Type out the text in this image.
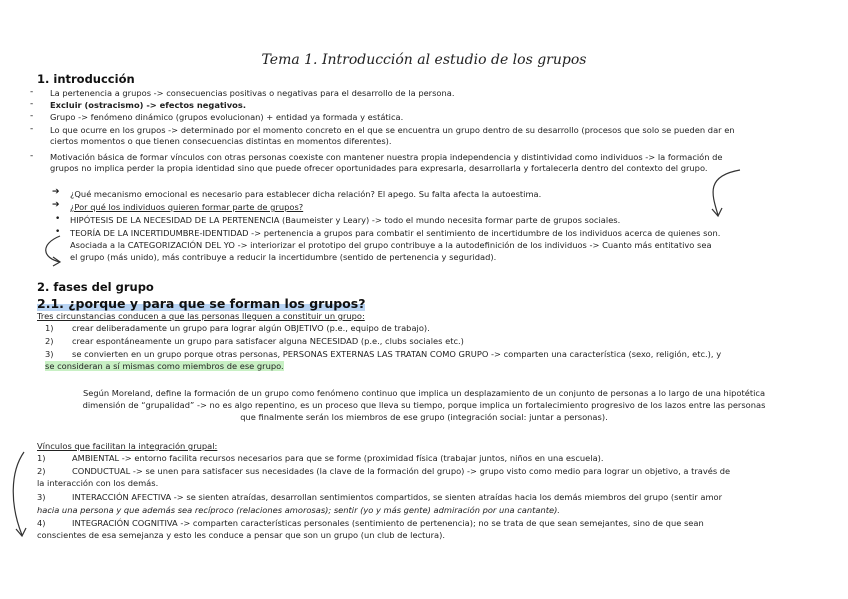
Tema 1. Introducción al estudio de los grupos
1. introducción
- La pertenencia a grupos -> consecuencias positivas o negativas para el desarrollo de la persona.
- Excluir (ostracismo) -> efectos negativos.
- Grupo -> fenómeno dinámico (grupos evolucionan) + entidad ya formada y estática.
- Lo que ocurre en los grupos -> determinado por el momento concreto en el que se encuentra un grupo dentro de su desarrollo (procesos que solo se pueden dar en
ciertos momentos o que tienen consecuencias distintas en momentos diferentes).
- Motivación básica de formar vínculos con otras personas coexiste con mantener nuestra propia independencia y distintividad como individuos -> la formación de
grupos no implica perder la propia identidad sino que puede ofrecer oportunidades para expresarla, desarrollarla y fortalecerla dentro del contexto del grupo.
➔ ¿Qué mecanismo emocional es necesario para establecer dicha relación? El apego. Su falta afecta la autoestima.
➔ ¿Por qué los individuos quieren formar parte de grupos?
• HIPÓTESIS DE LA NECESIDAD DE LA PERTENENCIA (Baumeister y Leary) -> todo el mundo necesita formar parte de grupos sociales.
• TEORÍA DE LA INCERTIDUMBRE-IDENTIDAD -> pertenencia a grupos para combatir el sentimiento de incertidumbre de los individuos acerca de quienes son.
Asociada a la CATEGORIZACIÓN DEL YO -> interiorizar el prototipo del grupo contribuye a la autodefinición de los individuos -> Cuanto más entitativo sea
el grupo (más unido), más contribuye a reducir la incertidumbre (sentido de pertenencia y seguridad).
2. fases del grupo
2.1. ¿porque y para que se forman los grupos?
Tres circunstancias conducen a que las personas lleguen a constituir un grupo:
1) crear deliberadamente un grupo para lograr algún OBJETIVO (p.e., equipo de trabajo).
2) crear espontáneamente un grupo para satisfacer alguna NECESIDAD (p.e., clubs sociales etc.)
3) se convierten en un grupo porque otras personas, PERSONAS EXTERNAS LAS TRATAN COMO GRUPO -> comparten una característica (sexo, religión, etc.), y
se consideran a sí mismas como miembros de ese grupo.
Según Moreland, define la formación de un grupo como fenómeno continuo que implica un desplazamiento de un conjunto de personas a lo largo de una hipotética
dimensión de “grupalidad” -> no es algo repentino, es un proceso que lleva su tiempo, porque implica un fortalecimiento progresivo de los lazos entre las personas
que finalmente serán los miembros de ese grupo (integración social: juntar a personas).
Vínculos que facilitan la integración grupal:
1)	AMBIENTAL -> entorno facilita recursos necesarios para que se forme (proximidad física (trabajar juntos, niños en una escuela).
2)	CONDUCTUAL -> se unen para satisfacer sus necesidades (la clave de la formación del grupo) -> grupo visto como medio para lograr un objetivo, a través de
la interacción con los demás.
3)	INTERACCIÓN AFECTIVA -> se sienten atraídas, desarrollan sentimientos compartidos, se sienten atraídas hacia los demás miembros del grupo (sentir amor
hacia una persona y que además sea recíproco (relaciones amorosas); sentir (yo y más gente) admiración por una cantante).
4)	INTEGRACIÓN COGNITIVA -> comparten características personales (sentimiento de pertenencia); no se trata de que sean semejantes, sino de que sean
conscientes de esa semejanza y esto les conduce a pensar que son un grupo (un club de lectura).
